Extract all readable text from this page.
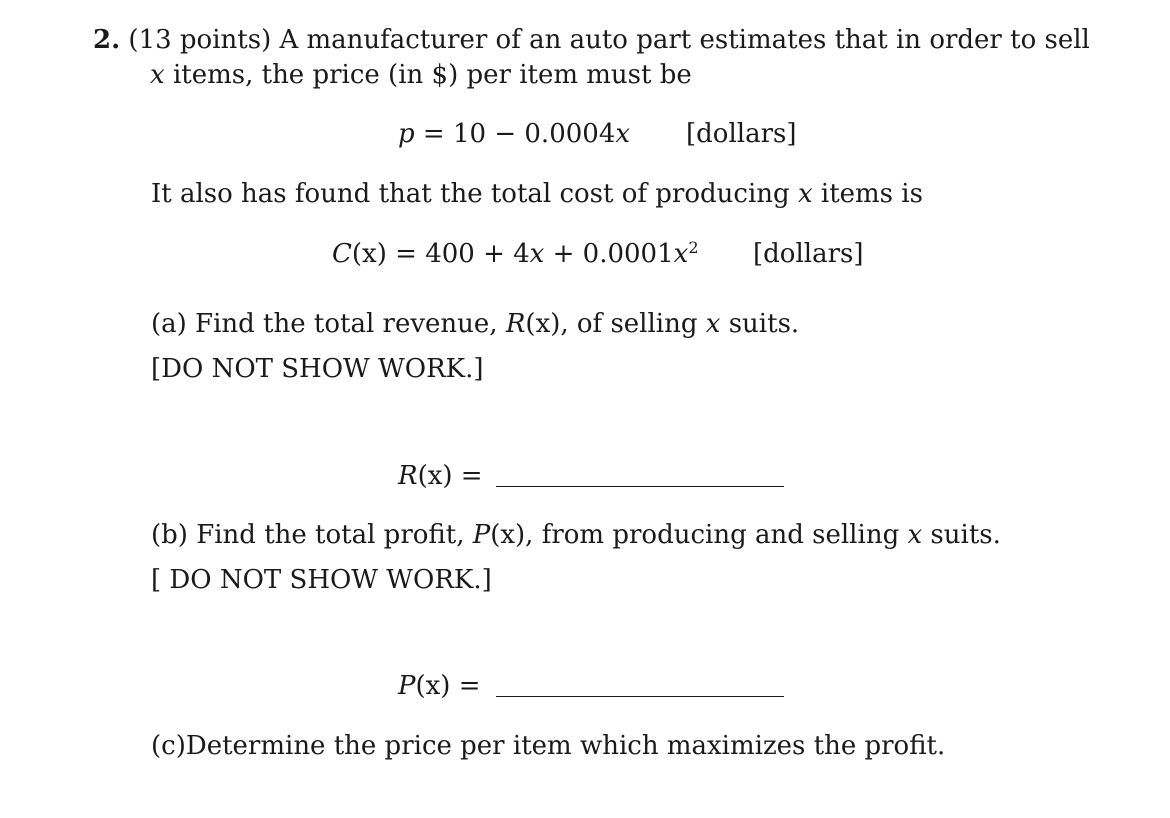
2. (13 points) A manufacturer of an auto part estimates that in order to sell
x items, the price (in $) per item must be
p = 10 − 0.0004x [dollars]
It also has found that the total cost of producing x items is
$C(x) = 400 + 4x + 0.0001x^2$ [dollars]
(a) Find the total revenue, R(x), of selling x suits.
[DO NOT SHOW WORK.]
R(x) =
(b) Find the total profit, P(x), from producing and selling x suits.
[ DO NOT SHOW WORK.]
P(x) =
(c)Determine the price per item which maximizes the profit.
